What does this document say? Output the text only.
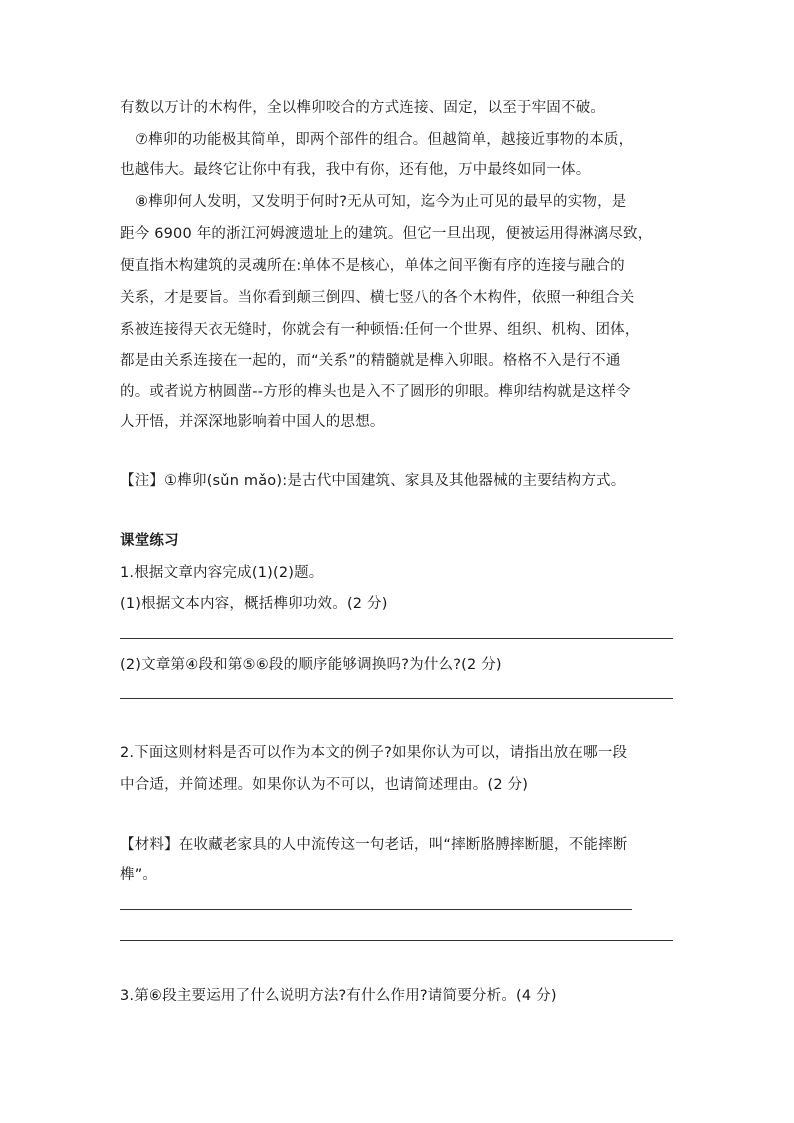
有数以万计的木构件，全以榫卯咬合的方式连接、固定，以至于牢固不破。
⑦榫卯的功能极其简单，即两个部件的组合。但越简单，越接近事物的本质，
也越伟大。最终它让你中有我，我中有你，还有他，万中最终如同一体。
⑧榫卯何人发明，又发明于何时?无从可知，迄今为止可见的最早的实物，是
距今 6900 年的浙江河姆渡遗址上的建筑。但它一旦出现，便被运用得淋漓尽致，
便直指木构建筑的灵魂所在:单体不是核心，单体之间平衡有序的连接与融合的
关系，才是要旨。当你看到颠三倒四、横七竖八的各个木构件，依照一种组合关
系被连接得天衣无缝时，你就会有一种顿悟:任何一个世界、组织、机构、团体，
都是由关系连接在一起的，而“关系”的精髓就是榫入卯眼。格格不入是行不通
的。或者说方枘圆凿--方形的榫头也是入不了圆形的卯眼。榫卯结构就是这样令
人开悟，并深深地影响着中国人的思想。
【注】①榫卯(sǔn mǎo):是古代中国建筑、家具及其他器械的主要结构方式。
课堂练习
1.根据文章内容完成(1)(2)题。
(1)根据文本内容，概括榫卯功效。(2 分)
(2)文章第④段和第⑤⑥段的顺序能够调换吗?为什么?(2 分)
2.下面这则材料是否可以作为本文的例子?如果你认为可以，请指出放在哪一段
中合适，并简述理。如果你认为不可以，也请简述理由。(2 分)
【材料】在收藏老家具的人中流传这一句老话，叫“摔断胳膊摔断腿，不能摔断
榫”。
3.第⑥段主要运用了什么说明方法?有什么作用?请简要分析。(4 分)
